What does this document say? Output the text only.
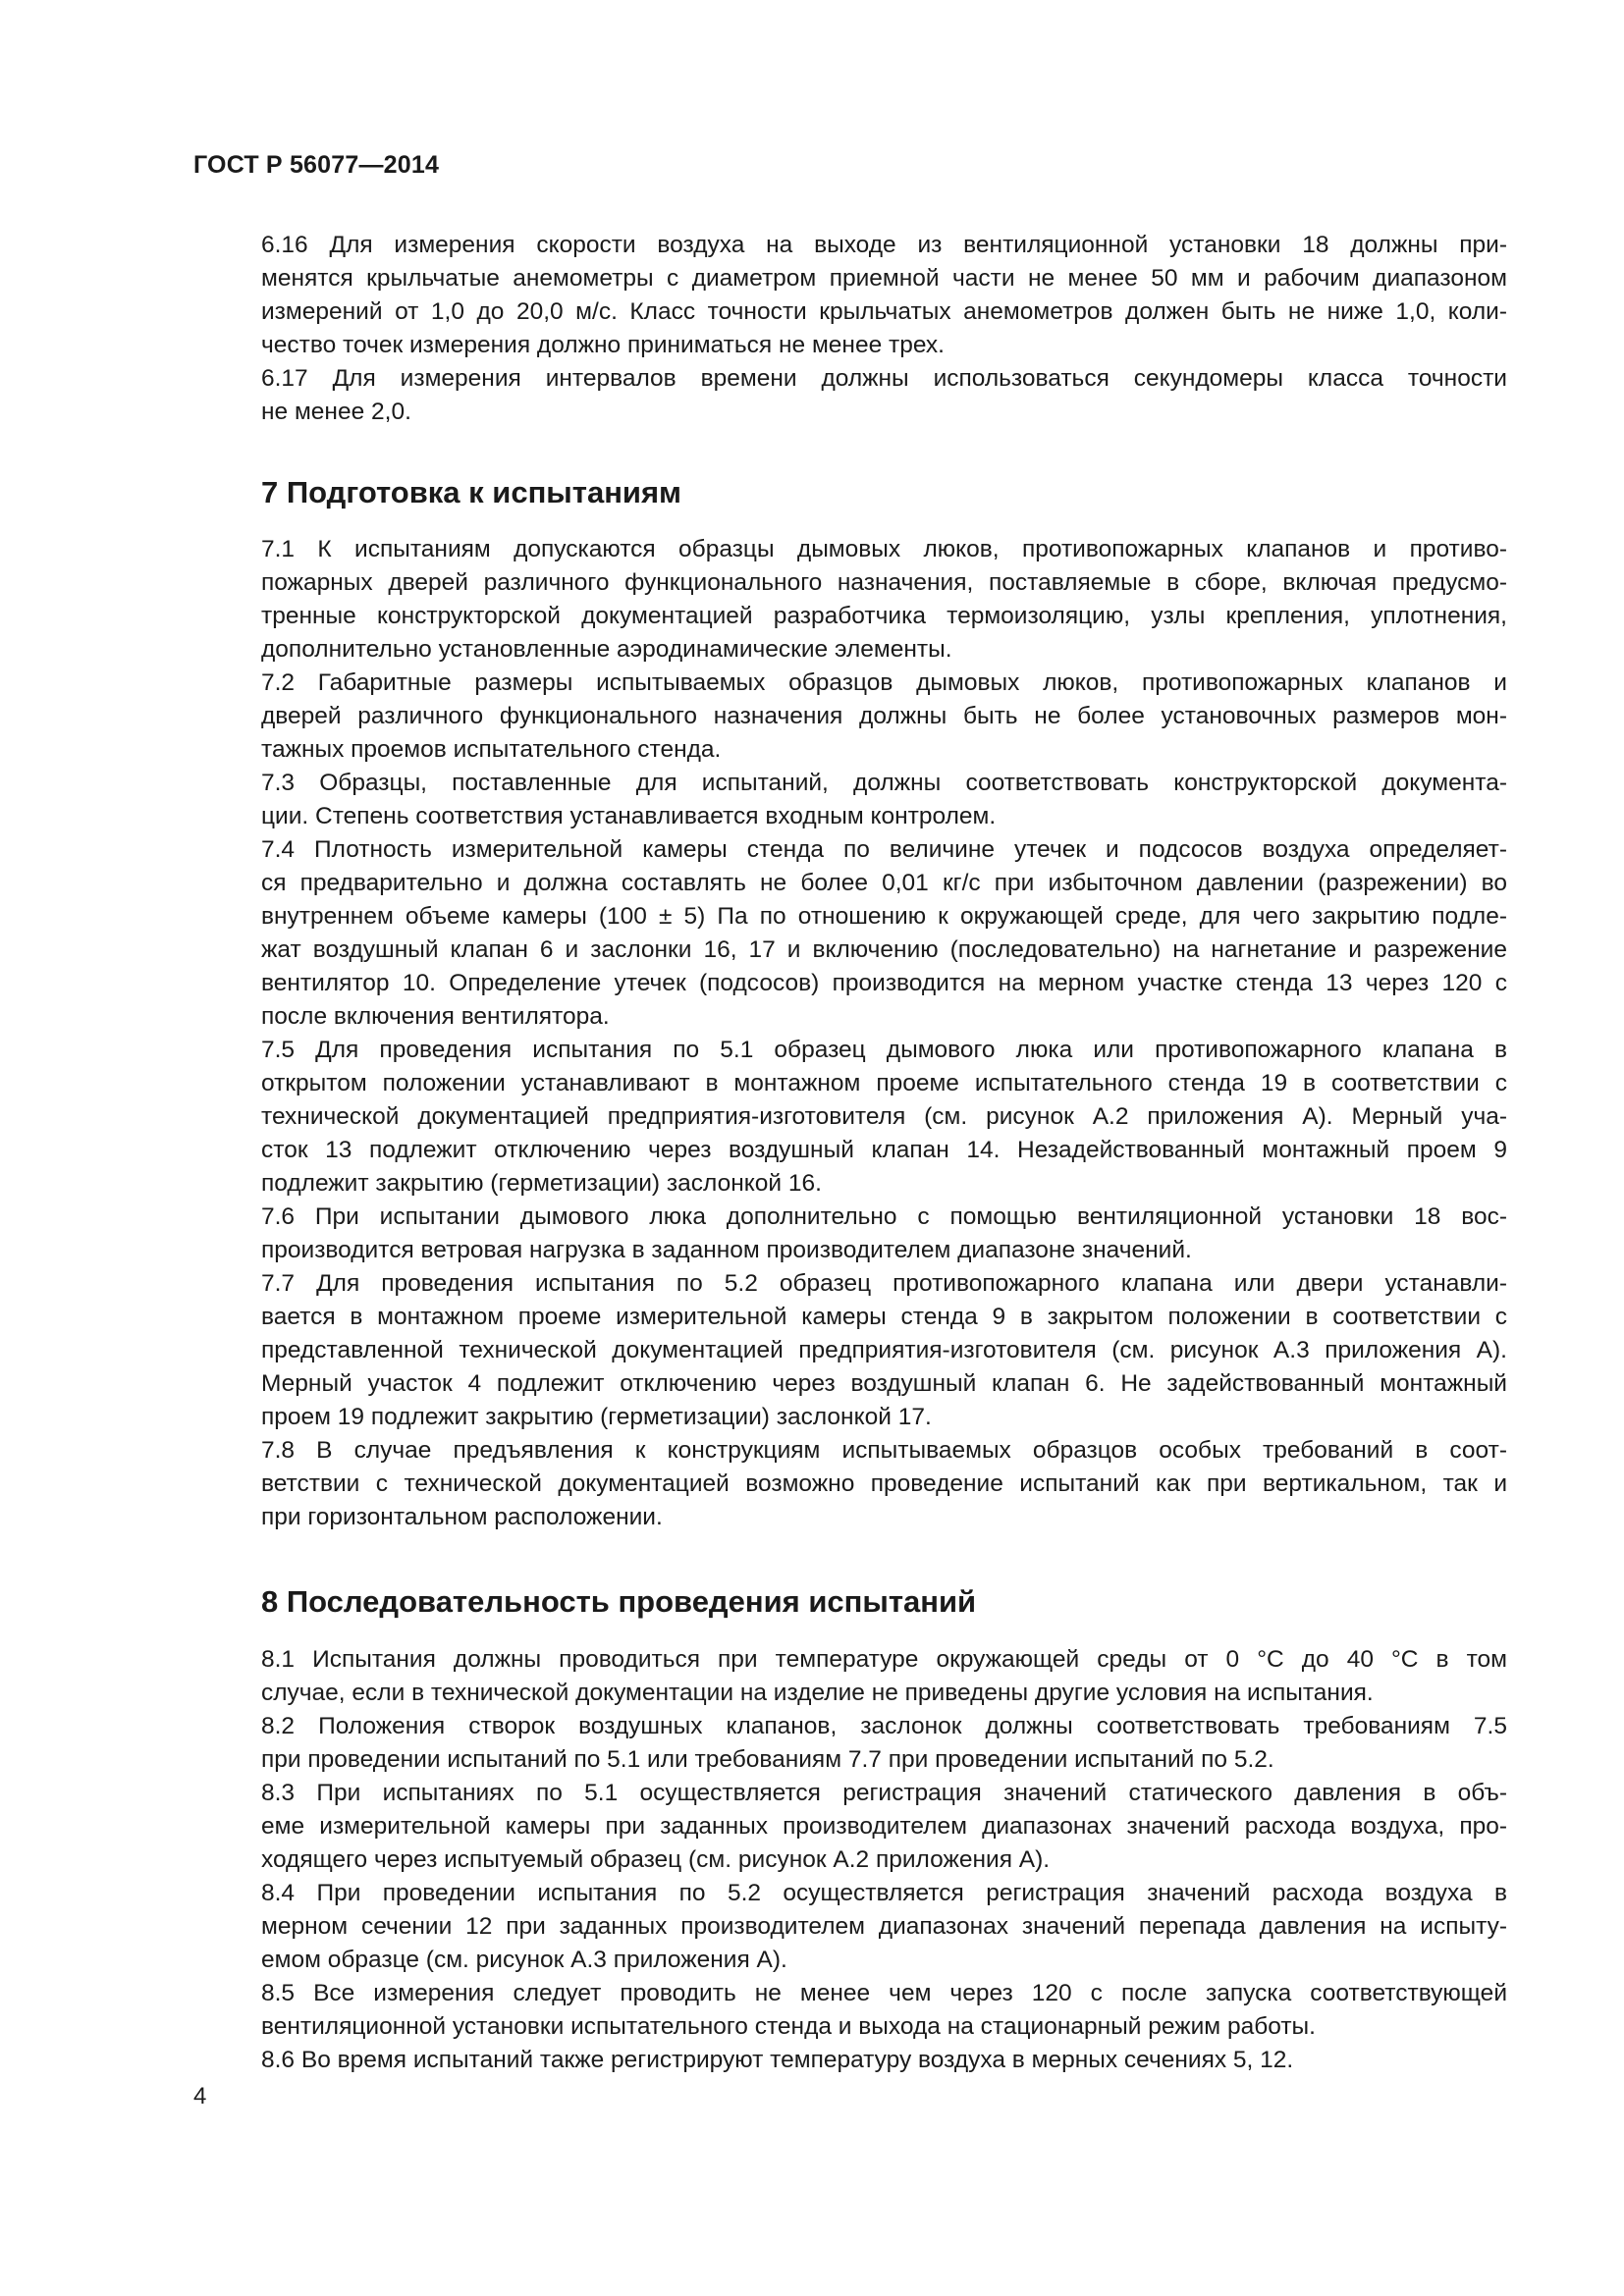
ГОСТ Р 56077—2014
6.16 Для измерения скорости воздуха на выходе из вентиляционной установки 18 должны при-
менятся крыльчатые анемометры с диаметром приемной части не менее 50 мм и рабочим диапазоном
измерений от 1,0 до 20,0 м/с. Класс точности крыльчатых анемометров должен быть не ниже 1,0, коли-
чество точек измерения должно приниматься не менее трех.
6.17 Для измерения интервалов времени должны использоваться секундомеры класса точности
не менее 2,0.
7 Подготовка к испытаниям
7.1 К испытаниям допускаются образцы дымовых люков, противопожарных клапанов и противо-
пожарных дверей различного функционального назначения, поставляемые в сборе, включая предусмо-
тренные конструкторской документацией разработчика термоизоляцию, узлы крепления, уплотнения,
дополнительно установленные аэродинамические элементы.
7.2 Габаритные размеры испытываемых образцов дымовых люков, противопожарных клапанов и
дверей различного функционального назначения должны быть не более установочных размеров мон-
тажных проемов испытательного стенда.
7.3 Образцы, поставленные для испытаний, должны соответствовать конструкторской документа-
ции. Степень соответствия устанавливается входным контролем.
7.4 Плотность измерительной камеры стенда по величине утечек и подсосов воздуха определяет-
ся предварительно и должна составлять не более 0,01 кг/с при избыточном давлении (разрежении) во
внутреннем объеме камеры (100 ± 5) Па по отношению к окружающей среде, для чего закрытию подле-
жат воздушный клапан 6 и заслонки 16, 17 и включению (последовательно) на нагнетание и разрежение
вентилятор 10. Определение утечек (подсосов) производится на мерном участке стенда 13 через 120 с
после включения вентилятора.
7.5 Для проведения испытания по 5.1 образец дымового люка или противопожарного клапана в
открытом положении устанавливают в монтажном проеме испытательного стенда 19 в соответствии с
технической документацией предприятия-изготовителя (см. рисунок А.2 приложения А). Мерный уча-
сток 13 подлежит отключению через воздушный клапан 14. Незадействованный монтажный проем 9
подлежит закрытию (герметизации) заслонкой 16.
7.6 При испытании дымового люка дополнительно с помощью вентиляционной установки 18 вос-
производится ветровая нагрузка в заданном производителем диапазоне значений.
7.7 Для проведения испытания по 5.2 образец противопожарного клапана или двери устанавли-
вается в монтажном проеме измерительной камеры стенда 9 в закрытом положении в соответствии с
представленной технической документацией предприятия-изготовителя (см. рисунок А.3 приложения А).
Мерный участок 4 подлежит отключению через воздушный клапан 6. Не задействованный монтажный
проем 19 подлежит закрытию (герметизации) заслонкой 17.
7.8 В случае предъявления к конструкциям испытываемых образцов особых требований в соот-
ветствии с технической документацией возможно проведение испытаний как при вертикальном, так и
при горизонтальном расположении.
8 Последовательность проведения испытаний
8.1 Испытания должны проводиться при температуре окружающей среды от 0 °С до 40 °С в том
случае, если в технической документации на изделие не приведены другие условия на испытания.
8.2 Положения створок воздушных клапанов, заслонок должны соответствовать требованиям 7.5
при проведении испытаний по 5.1 или требованиям 7.7 при проведении испытаний по 5.2.
8.3 При испытаниях по 5.1 осуществляется регистрация значений статического давления в объ-
еме измерительной камеры при заданных производителем диапазонах значений расхода воздуха, про-
ходящего через испытуемый образец (см. рисунок А.2 приложения А).
8.4 При проведении испытания по 5.2 осуществляется регистрация значений расхода воздуха в
мерном сечении 12 при заданных производителем диапазонах значений перепада давления на испыту-
емом образце (см. рисунок А.3 приложения А).
8.5 Все измерения следует проводить не менее чем через 120 с после запуска соответствующей
вентиляционной установки испытательного стенда и выхода на стационарный режим работы.
8.6 Во время испытаний также регистрируют температуру воздуха в мерных сечениях 5, 12.
4
